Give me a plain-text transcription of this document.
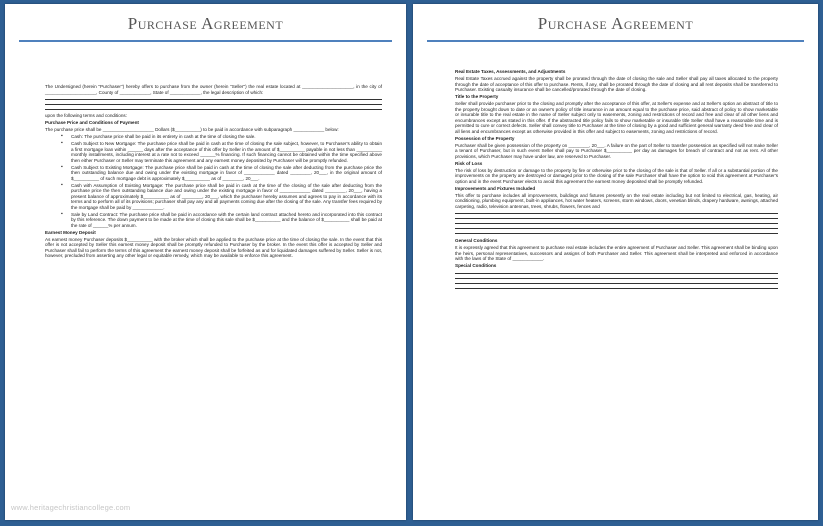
Purchase Agreement

The Undersigned (herein "Purchaser") hereby offers to purchase from the owner (herein "Seller") the real estate located at ____________________, in the city of ____________________, County of ____________, State of ____________, the legal description of which:

upon the following terms and conditions:

Purchase Price and Conditions of Payment

The purchase price shall be ____________________ Dollars ($__________) to be paid in accordance with subparagraph ____________ below:

▪ Cash: The purchase price shall be paid in its entirety in cash at the time of closing the sale.

▪ Cash Subject to New Mortgage: The purchase price shall be paid in cash at the time of closing the sale subject, however, to Purchaser's ability to obtain a first mortgage loan within ______ days after the acceptance of this offer by Seller in the amount of $__________ payable in not less than __________ monthly installments, including interest at a rate not to exceed ______% financing. If such financing cannot be obtained within the time specified above then either Purchaser or Seller may terminate this agreement and any earnest money deposited by Purchaser will be promptly refunded.

▪ Cash Subject to Existing Mortgage: The purchase price shall be paid in cash at the time of closing the sale after deducting from the purchase price the then outstanding balance due and owing under the existing mortgage in favor of ____________ dated ________, 20___, in the original amount of $__________ of such mortgage debt is approximately $__________ as of ________, 20___.

▪ Cash with Assumption of Existing Mortgage: The purchase price shall be paid in cash at the time of the closing of the sale after deducting from the purchase price the then outstanding balance due and owing under the existing mortgage in favor of ____________ dated ________, 20___, having a present balance of approximately $__________ as of ________, 20___, which the purchaser hereby assumes and agrees to pay in accordance with its terms and to perform all of its provisions; purchaser shall pay any and all payments coming due after the closing of the sale. Any transfer fees required by the mortgage shall be paid by ____________.

▪ Sale by Land Contract: The purchase price shall be paid in accordance with the certain land contract attached hereto and incorporated into this contract by this reference. The down payment to be made at the time of closing this sale shall be $__________ and the balance of $__________ shall be paid at the rate of ______% per annum.

Earnest Money Deposit

As earnest money Purchaser deposits $__________ with the broker which shall be applied to the purchase price at the time of closing the sale. In the event that this offer is not accepted by Seller this earnest money deposit shall be promptly refunded to Purchaser by the broker. In the event this offer is accepted by Seller and Purchaser shall fail to perform the terms of this agreement the earnest money deposit shall be forfeited as and for liquidated damages suffered by Seller. Seller is not, however, precluded from asserting any other legal or equitable remedy, which may be available to enforce this agreement.

www.heritagechristiancollege.com
Purchase Agreement

Real Estate Taxes, Assessments, and Adjustments

Real Estate Taxes accrued against the property shall be prorated through the date of closing the sale and Seller shall pay all taxes allocated to the property through the date of acceptance of this offer to purchase. Rents, if any, shall be prorated through the date of closing and all rent deposits shall be transferred to Purchaser. Existing casualty insurance shall be cancelled/prorated through the date of closing.

Title to the Property

Seller shall provide purchaser prior to the closing and promptly after the acceptance of this offer, at Seller's expense and at Seller's option an abstract of title to the property brought down to date or an owner's policy of title insurance in an amount equal to the purchase price, said abstract of policy to show marketable or insurable title to the real estate in the name of Seller subject only to easements, zoning and restrictions of record and free and clear of all other liens and encumbrances except as stated in this offer. If the abstracted title policy fails to show marketable or insurable title Seller shall have a reasonable time and is permitted to cure or correct defects. Seller shall convey title to Purchaser at the time of closing by a good and sufficient general warranty deed free and clear of all liens and encumbrances except as otherwise provided in this offer and subject to easements, zoning and restrictions of record.

Possession of the Property

Purchaser shall be given possession of the property on ________, 20___. A failure on the part of Seller to transfer possession as specified will not make Seller a tenant of Purchaser, but in such event Seller shall pay to Purchaser $__________ per day as damages for breach of contract and not as rent. All other provisions, which Purchaser may have under law, are reserved to Purchaser.

Risk of Loss

The risk of loss by destruction or damage to the property by fire or otherwise prior to the closing of the sale is that of Seller. If all or a substantial portion of the improvements on the property are destroyed or damaged prior to the closing of the sale Purchaser shall have the option to void this agreement at Purchaser's option and in the event Purchaser elects to avoid this agreement the earnest money deposited shall be promptly refunded.

Improvements and Fixtures Included

This offer to purchase includes all improvements, buildings and fixtures presently on the real estate including but not limited to electrical, gas, heating, air conditioning, plumbing equipment, built-in appliances, hot water heaters, screens, storm windows, doors, venetian blinds, drapery hardware, awnings, attached carpeting, radio, television antennas, trees, shrubs, flowers, fences and

General Conditions

It is expressly agreed that this agreement to purchase real estate includes the entire agreement of Purchaser and Seller. This agreement shall be binding upon the heirs, personal representatives, successors and assigns of both Purchaser and Seller. This agreement shall be interpreted and enforced in accordance with the laws of the State of ____________.

Special Conditions
